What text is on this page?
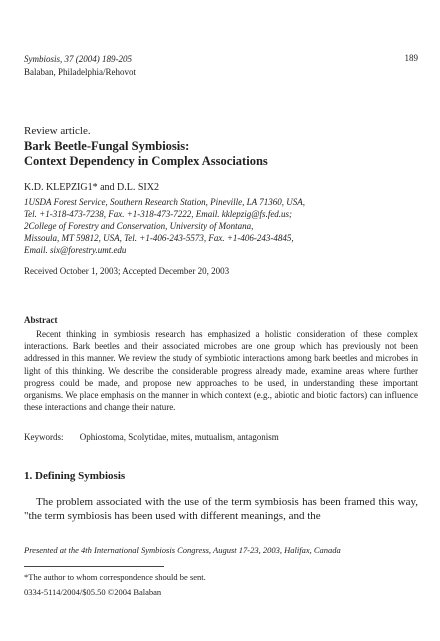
Symbiosis, 37 (2004) 189-205
Balaban, Philadelphia/Rehovot
189
Review article.
Bark Beetle-Fungal Symbiosis:
Context Dependency in Complex Associations
K.D. KLEPZIG1* and D.L. SIX2
1USDA Forest Service, Southern Research Station, Pineville, LA 71360, USA,
Tel. +1-318-473-7238, Fax. +1-318-473-7222, Email. kklepzig@fs.fed.us;
2College of Forestry and Conservation, University of Montana,
Missoula, MT 59812, USA, Tel. +1-406-243-5573, Fax. +1-406-243-4845,
Email. six@forestry.umt.edu
Received October 1, 2003; Accepted December 20, 2003
Abstract

Recent thinking in symbiosis research has emphasized a holistic consideration of these complex interactions. Bark beetles and their associated microbes are one group which has previously not been addressed in this manner. We review the study of symbiotic interactions among bark beetles and microbes in light of this thinking. We describe the considerable progress already made, examine areas where further progress could be made, and propose new approaches to be used, in understanding these important organisms. We place emphasis on the manner in which context (e.g., abiotic and biotic factors) can influence these interactions and change their nature.

Keywords: Ophiostoma, Scolytidae, mites, mutualism, antagonism
1. Defining Symbiosis

The problem associated with the use of the term symbiosis has been framed this way, "the term symbiosis has been used with different meanings, and the

Presented at the 4th International Symbiosis Congress, August 17-23, 2003, Halifax, Canada
*The author to whom correspondence should be sent.
0334-5114/2004/$05.50 ©2004 Balaban
